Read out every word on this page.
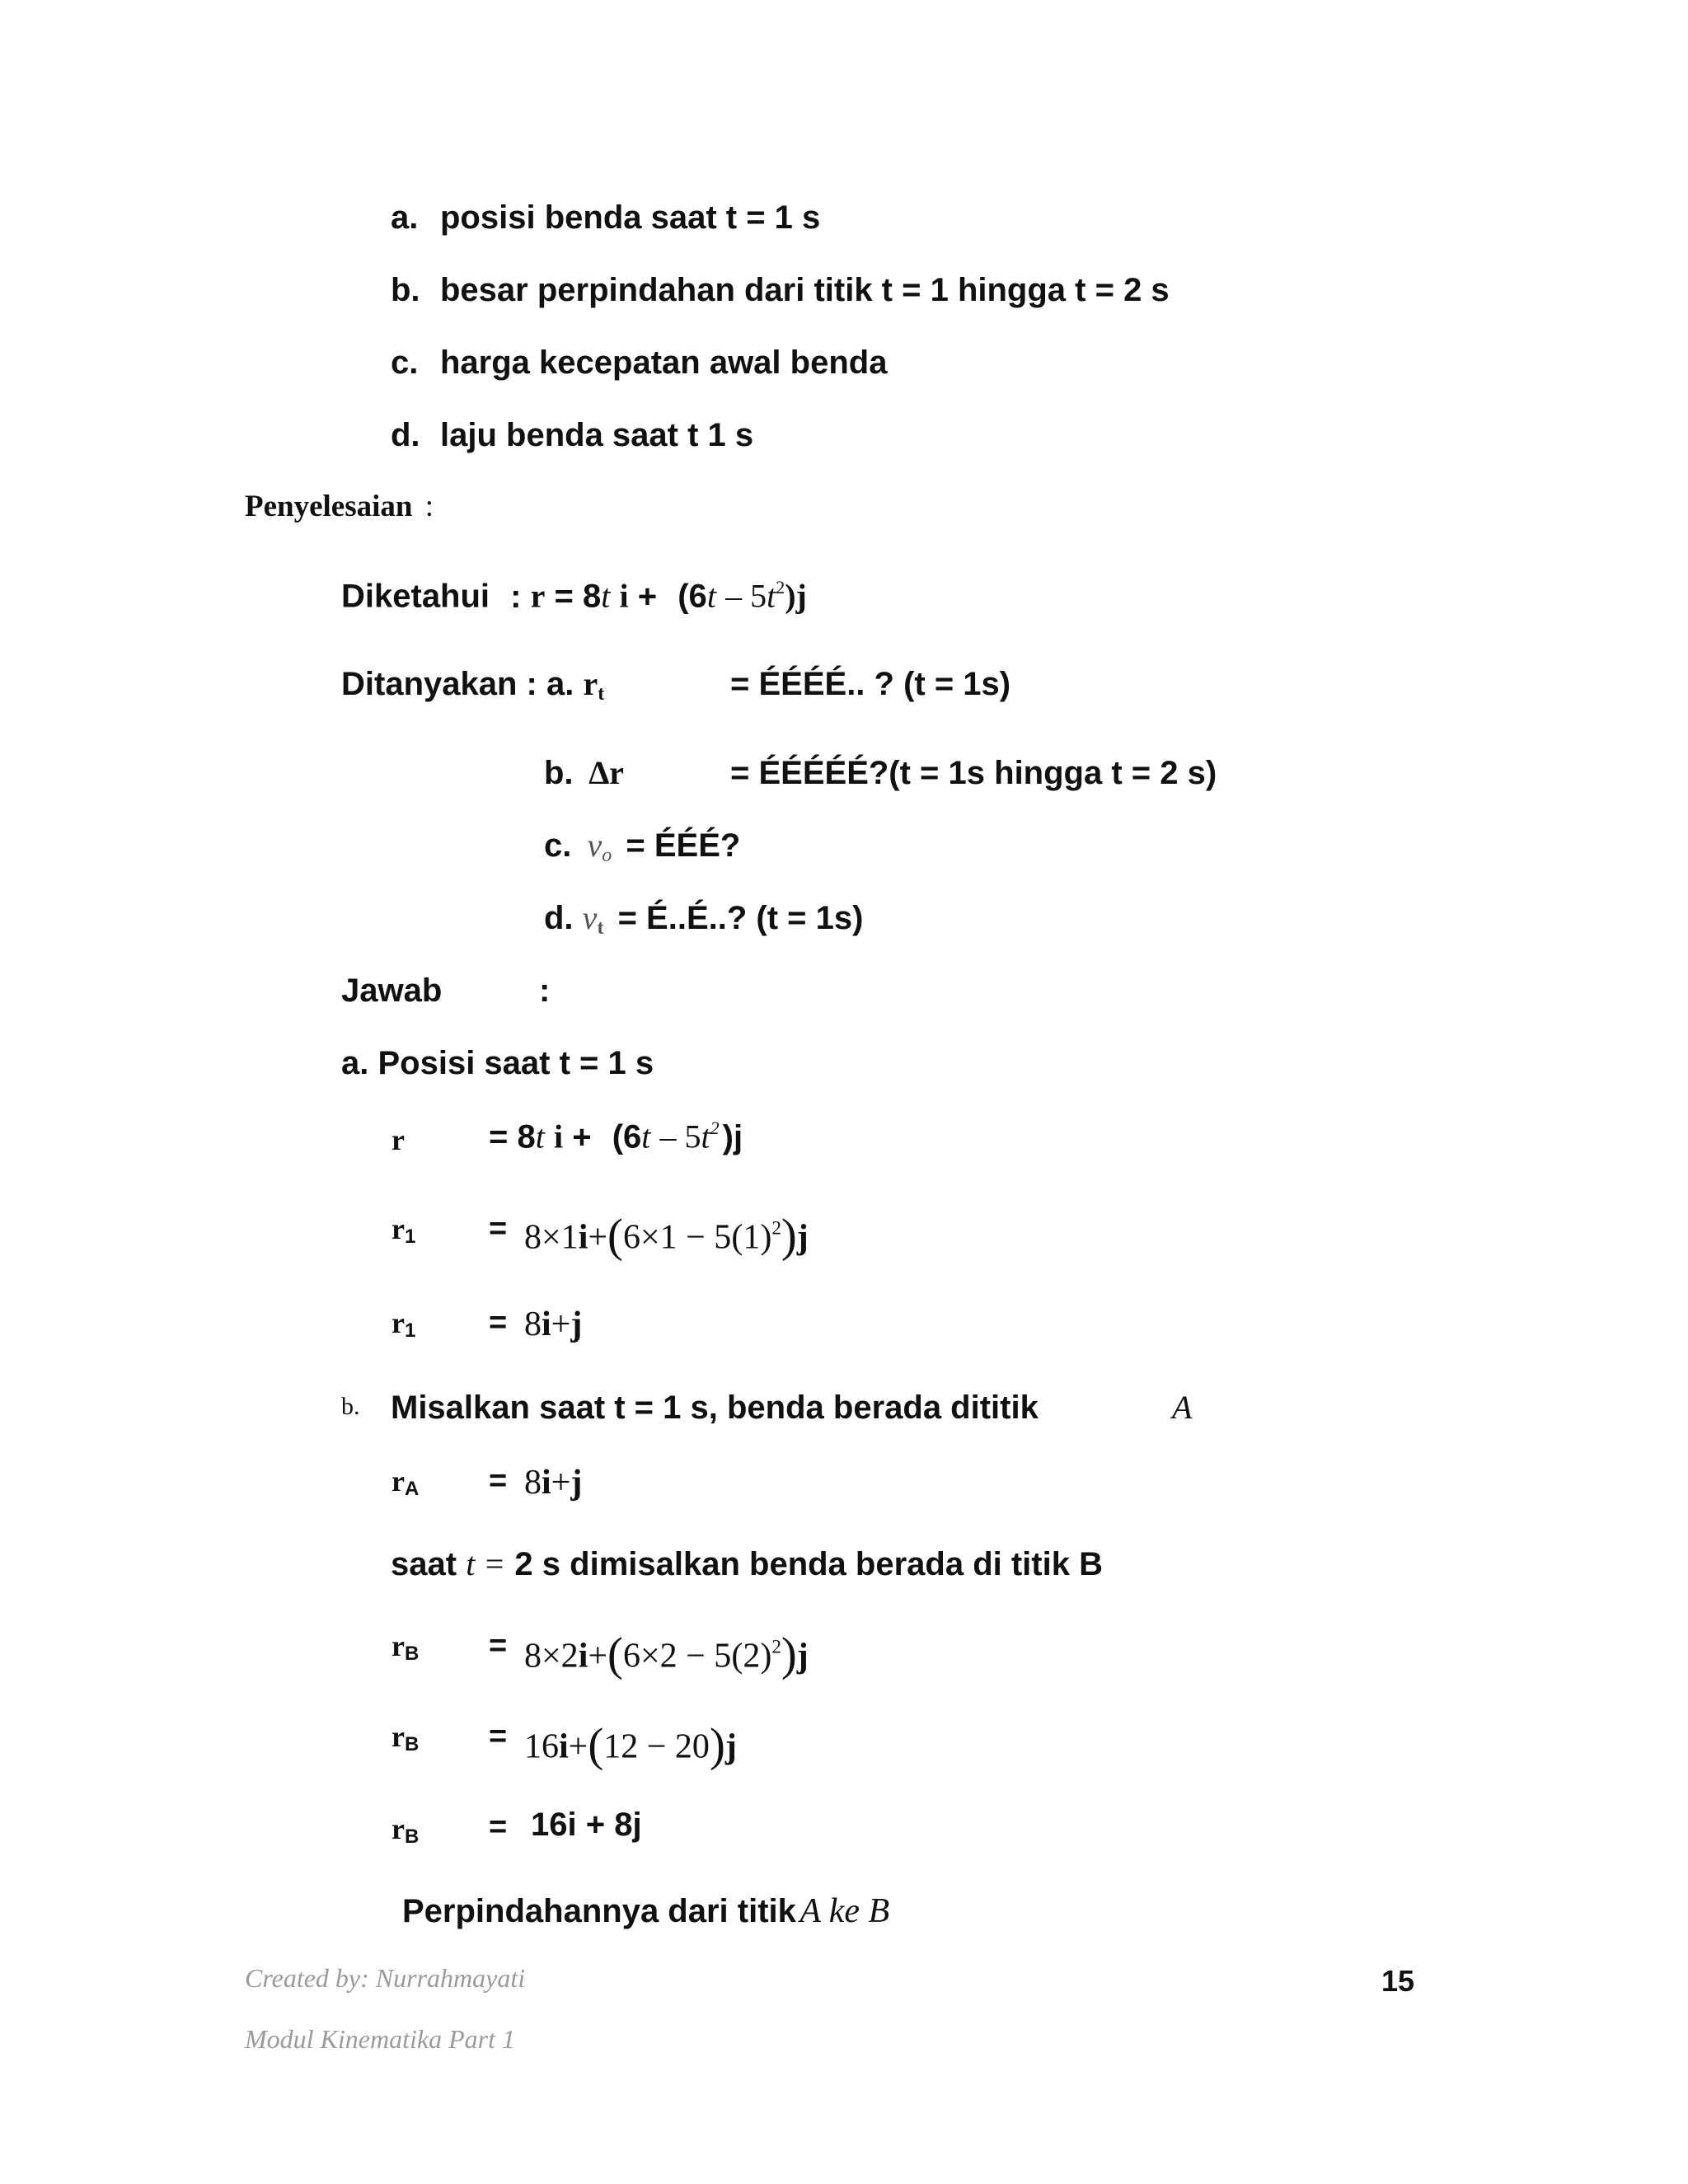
a. posisi benda saat t = 1 s
b. besar perpindahan dari titik t = 1 hingga t = 2 s
c. harga kecepatan awal benda
d. laju benda saat t 1 s
Penyelesaian :
Diketahui : r = 8t $i + (6t - 5t^2)j$
Ditanyakan : a. $r_t$	= ÉÉÉÉ.. ? (t = 1s)
b. ∆r	= ÉÉÉÉÉ?(t = 1s hingga t = 2 s)
c. $v_o$ = ÉÉÉ?
d. $v_t$ = É..É..? (t = 1s)
Jawab	:
a. Posisi saat t = 1 s
r	= 8t $i + (6t - 5t^2$ )j
$r1 = 8\times 1i+(6\times 1 - 5(1)^2)j$
r1 = 8i+j
b. Misalkan saat t = 1 s, benda berada dititik	A
rA = 8i+j
saat t = 2 s dimisalkan benda berada di titik B
rB = $8\times 2i+(6\times 2 - 5(2)^2)j$
rB = 16i+(12 − 20)j
rB = 16i + 8j
Perpindahannya dari titik A ke B
Created by: Nurrahmayati	15
Modul Kinematika Part 1
